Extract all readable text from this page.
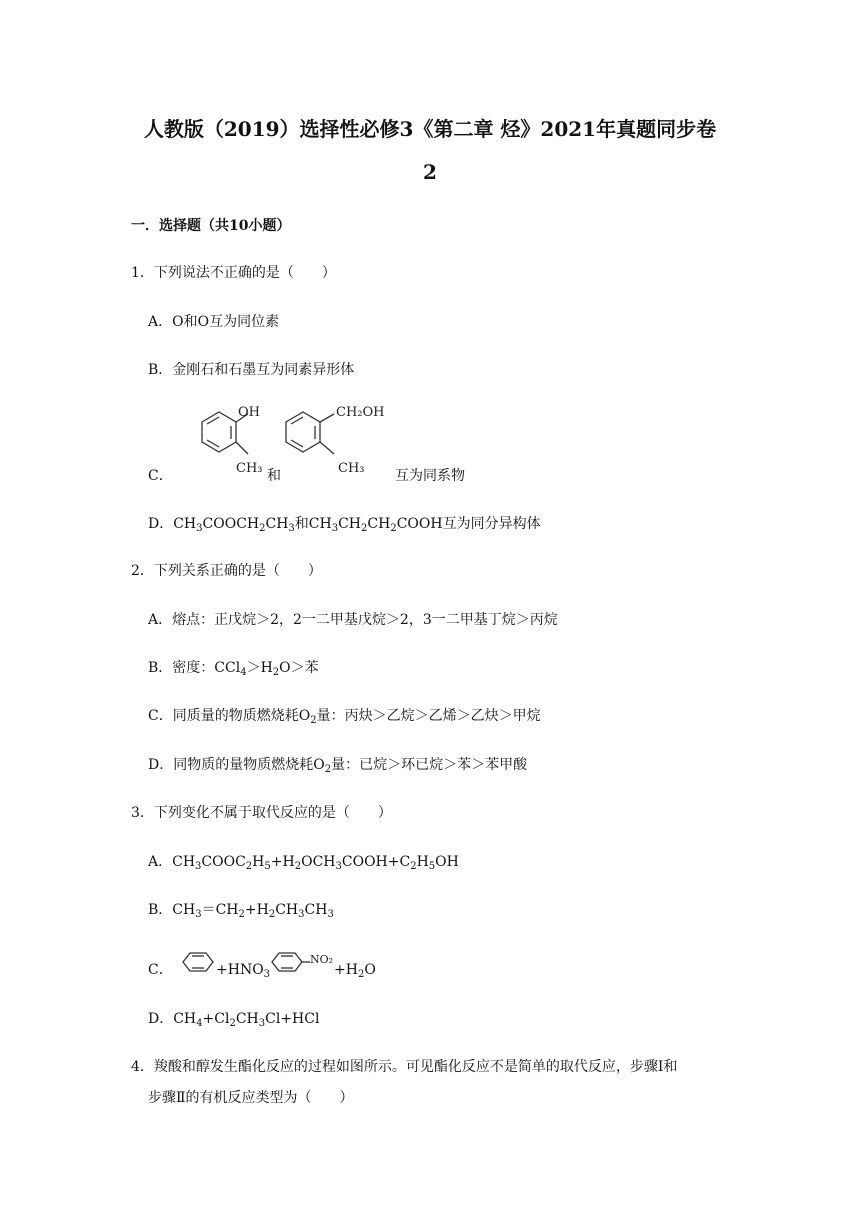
人教版（2019）选择性必修3《第二章 烃》2021年真题同步卷
2
一．选择题（共10小题）
1．下列说法不正确的是（　　）
A．O和O互为同位素
B．金刚石和石墨互为同素异形体
C．
OH
CH₃ 和
CH₂OH
CH₃ 互为同系物
D．$CH_3COOCH_2CH_3$和$CH_3CH_2CH_2COOH$互为同分异构体
2．下列关系正确的是（　　）
A．熔点：正戊烷＞2，2一二甲基戊烷＞2，3一二甲基丁烷＞丙烷
B．密度：$CCl_4>H_2O>$苯
C．同质量的物质燃烧耗$O_2$量：丙炔＞乙烷＞乙烯＞乙炔＞甲烷
D．同物质的量物质燃烧耗$O_2$量：已烷＞环已烷＞苯＞苯甲酸
3．下列变化不属于取代反应的是（　　）
A．$CH_3COOC_2H_5+H_2OCH_3COOH+C_2H_5OH$
B．$CH_3=CH_2+H_2CH_3CH_3$
C．	$+HNO_3$
NO₂
$+H_2O$
D．$CH_4+Cl_2CH_3Cl+HCl$
4．羧酸和醇发生酯化反应的过程如图所示。可见酯化反应不是简单的取代反应，步骤Ⅰ和
步骤Ⅱ的有机反应类型为（　　）
